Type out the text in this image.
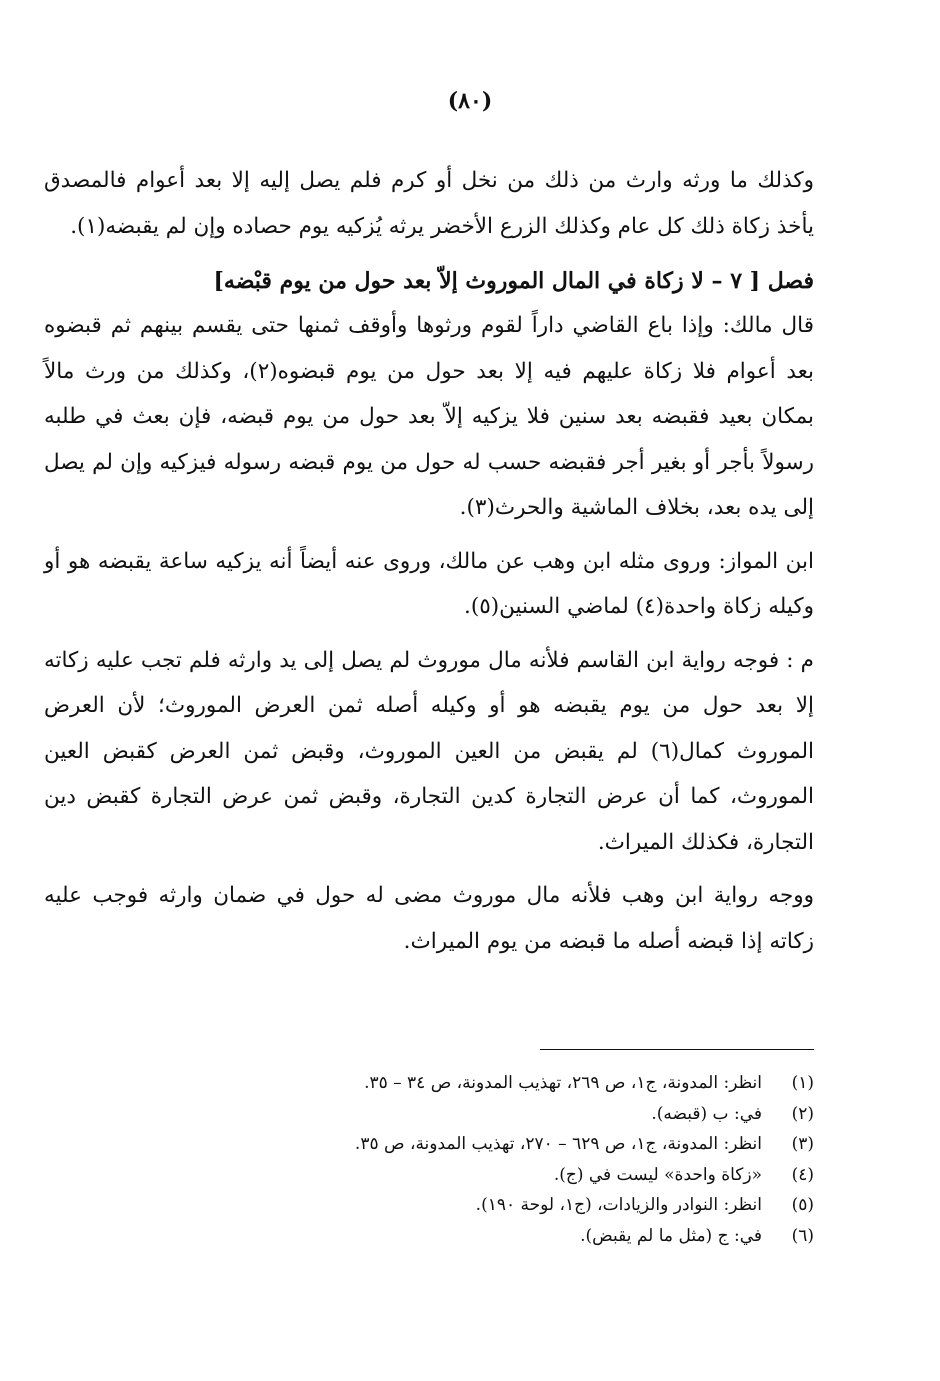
(٨٠)

وكذلك ما ورثه وارث من ذلك من نخل أو كرم فلم يصل إليه إلا بعد أعوام فالمصدق يأخذ زكاة ذلك كل عام وكذلك الزرع الأخضر يرثه يُزكيه يوم حصاده وإن لم يقبضه(١).

فصل [ ٧ – لا زكاة في المال الموروث إلاّ بعد حول من يوم قبْضه]

قال مالك: وإذا باع القاضي داراً لقوم ورثوها وأوقف ثمنها حتى يقسم بينهم ثم قبضوه بعد أعوام فلا زكاة عليهم فيه إلا بعد حول من يوم قبضوه(٢)، وكذلك من ورث مالاً بمكان بعيد فقبضه بعد سنين فلا يزكيه إلاّ بعد حول من يوم قبضه، فإن بعث في طلبه رسولاً بأجر أو بغير أجر فقبضه حسب له حول من يوم قبضه رسوله فيزكيه وإن لم يصل إلى يده بعد، بخلاف الماشية والحرث(٣).

ابن المواز: وروى مثله ابن وهب عن مالك، وروى عنه أيضاً أنه يزكيه ساعة يقبضه هو أو وكيله زكاة واحدة(٤) لماضي السنين(٥).

م : فوجه رواية ابن القاسم فلأنه مال موروث لم يصل إلى يد وارثه فلم تجب عليه زكاته إلا بعد حول من يوم يقبضه هو أو وكيله أصله ثمن العرض الموروث؛ لأن العرض الموروث كمال(٦) لم يقبض من العين الموروث، وقبض ثمن العرض كقبض العين الموروث، كما أن عرض التجارة كدين التجارة، وقبض ثمن عرض التجارة كقبض دين التجارة، فكذلك الميراث.

ووجه رواية ابن وهب فلأنه مال موروث مضى له حول في ضمان وارثه فوجب عليه زكاته إذا قبضه أصله ما قبضه من يوم الميراث.

(١)
انظر: المدونة، ج١، ص ٢٦٩، تهذيب المدونة، ص ٣٤ – ٣٥.
(٢)
في: ب (قبضه).
(٣)
انظر: المدونة، ج١، ص ٦٢٩ – ٢٧٠، تهذيب المدونة، ص ٣٥.
(٤)
«زكاة واحدة» ليست في (ج).
(٥)
انظر: النوادر والزيادات، (ج١، لوحة ١٩٠).
(٦)
في: ج (مثل ما لم يقبض).
